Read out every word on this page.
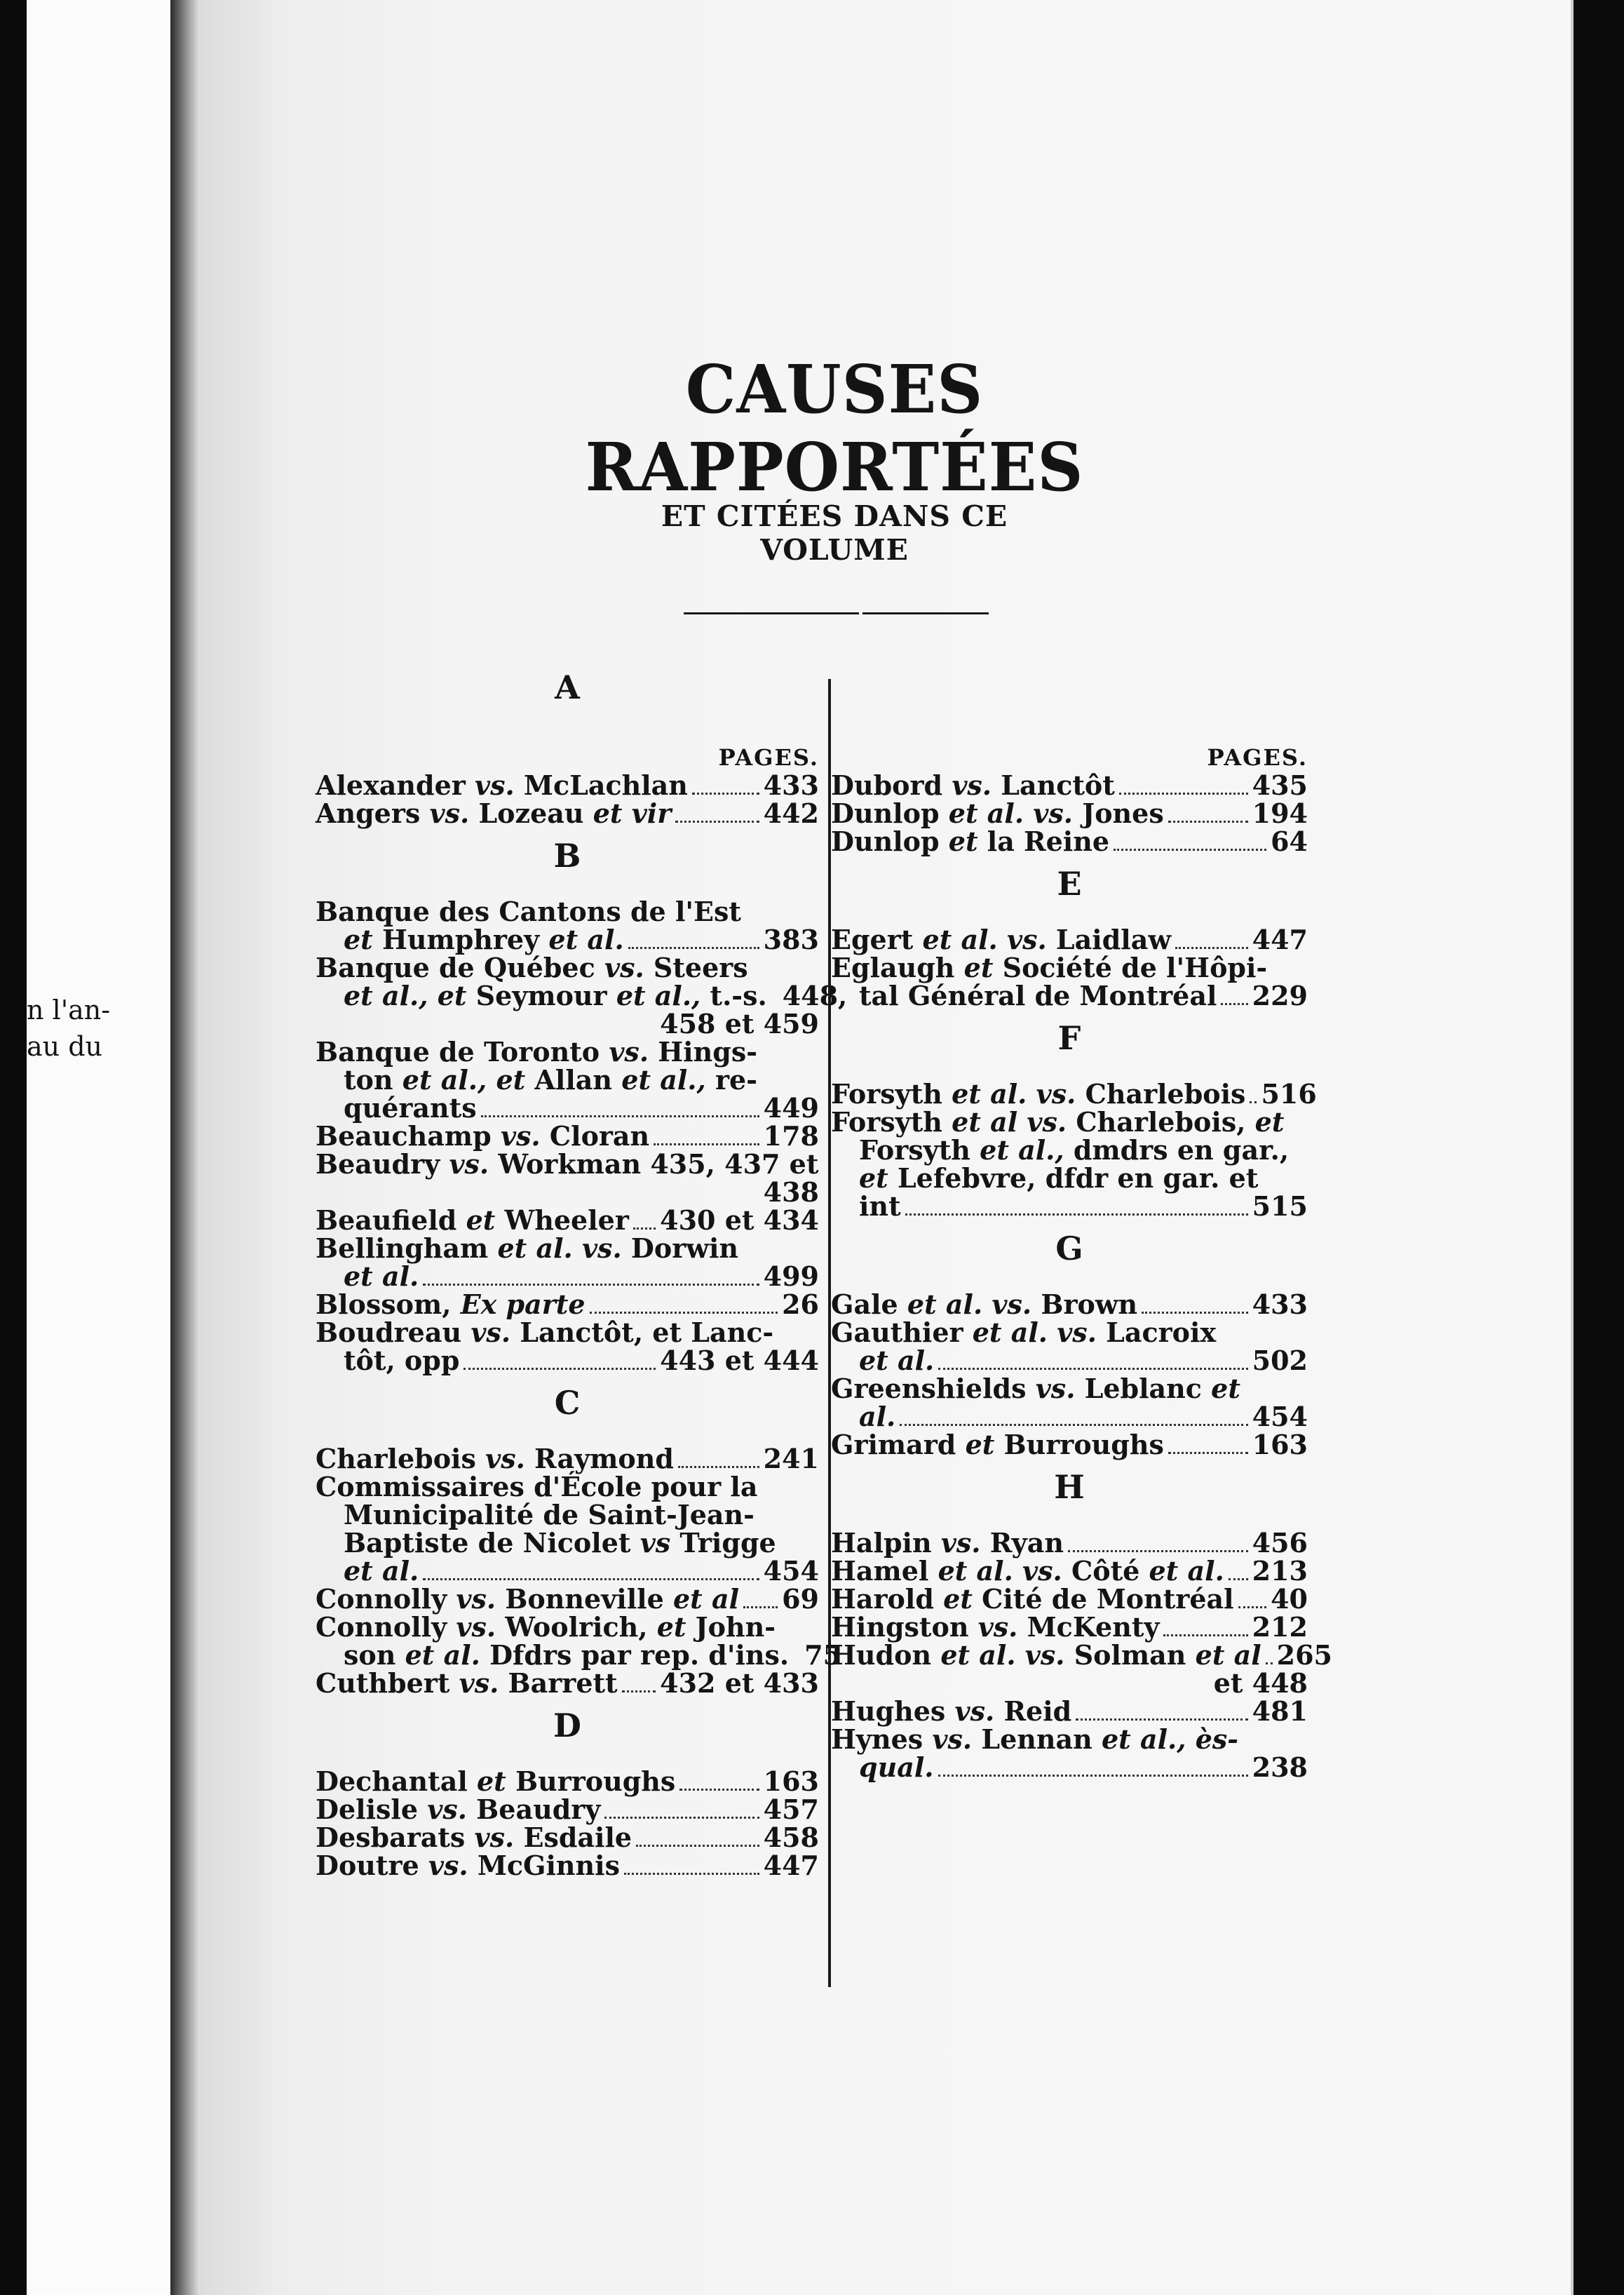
n l'an-
au du
CAUSES RAPPORTÉES
ET CITÉES DANS CE VOLUME
A
PAGES.
Alexander vs. McLachlan	433
Angers vs. Lozeau et vir	442
B
Banque des Cantons de l'Est
et Humphrey et al.	383
Banque de Québec vs. Steers
et al., et Seymour et al., t.-s. 448,
458 et 459
Banque de Toronto vs. Hings-
ton et al., et Allan et al., re-
quérants	449
Beauchamp vs. Cloran	178
Beaudry vs. Workman 435, 437 et
438
Beaufield et Wheeler 430 et 434
Bellingham et al. vs. Dorwin
et al.	499
Blossom, Ex parte	26
Boudreau vs. Lanctôt, et Lanc-
tôt, opp	443 et 444
C
Charlebois vs. Raymond	241
Commissaires d'École pour la
Municipalité de Saint-Jean-
Baptiste de Nicolet vs Trigge
et al.	454
Connolly vs. Bonneville et al 69
Connolly vs. Woolrich, et John-
son et al. Dfdrs par rep. d'ins. 75
Cuthbert vs. Barrett 432 et 433
D
Dechantal et Burroughs	163
Delisle vs. Beaudry	457
Desbarats vs. Esdaile	458
Doutre vs. McGinnis	447
PAGES.
Dubord vs. Lanctôt	435
Dunlop et al. vs. Jones	194
Dunlop et la Reine	64
E
Egert et al. vs. Laidlaw	447
Eglaugh et Société de l'Hôpi-
tal Général de Montréal 229
F
Forsyth et al. vs. Charlebois 516
Forsyth et al vs. Charlebois, et
Forsyth et al., dmdrs en gar.,
et Lefebvre, dfdr en gar. et
int	515
G
Gale et al. vs. Brown	433
Gauthier et al. vs. Lacroix
et al.	502
Greenshields vs. Leblanc et
al.	454
Grimard et Burroughs	163
H
Halpin vs. Ryan	456
Hamel et al. vs. Côté et al. 213
Harold et Cité de Montréal 40
Hingston vs. McKenty	212
Hudon et al. vs. Solman et al 265
et 448
Hughes vs. Reid	481
Hynes vs. Lennan et al., ès-
qual.	238
